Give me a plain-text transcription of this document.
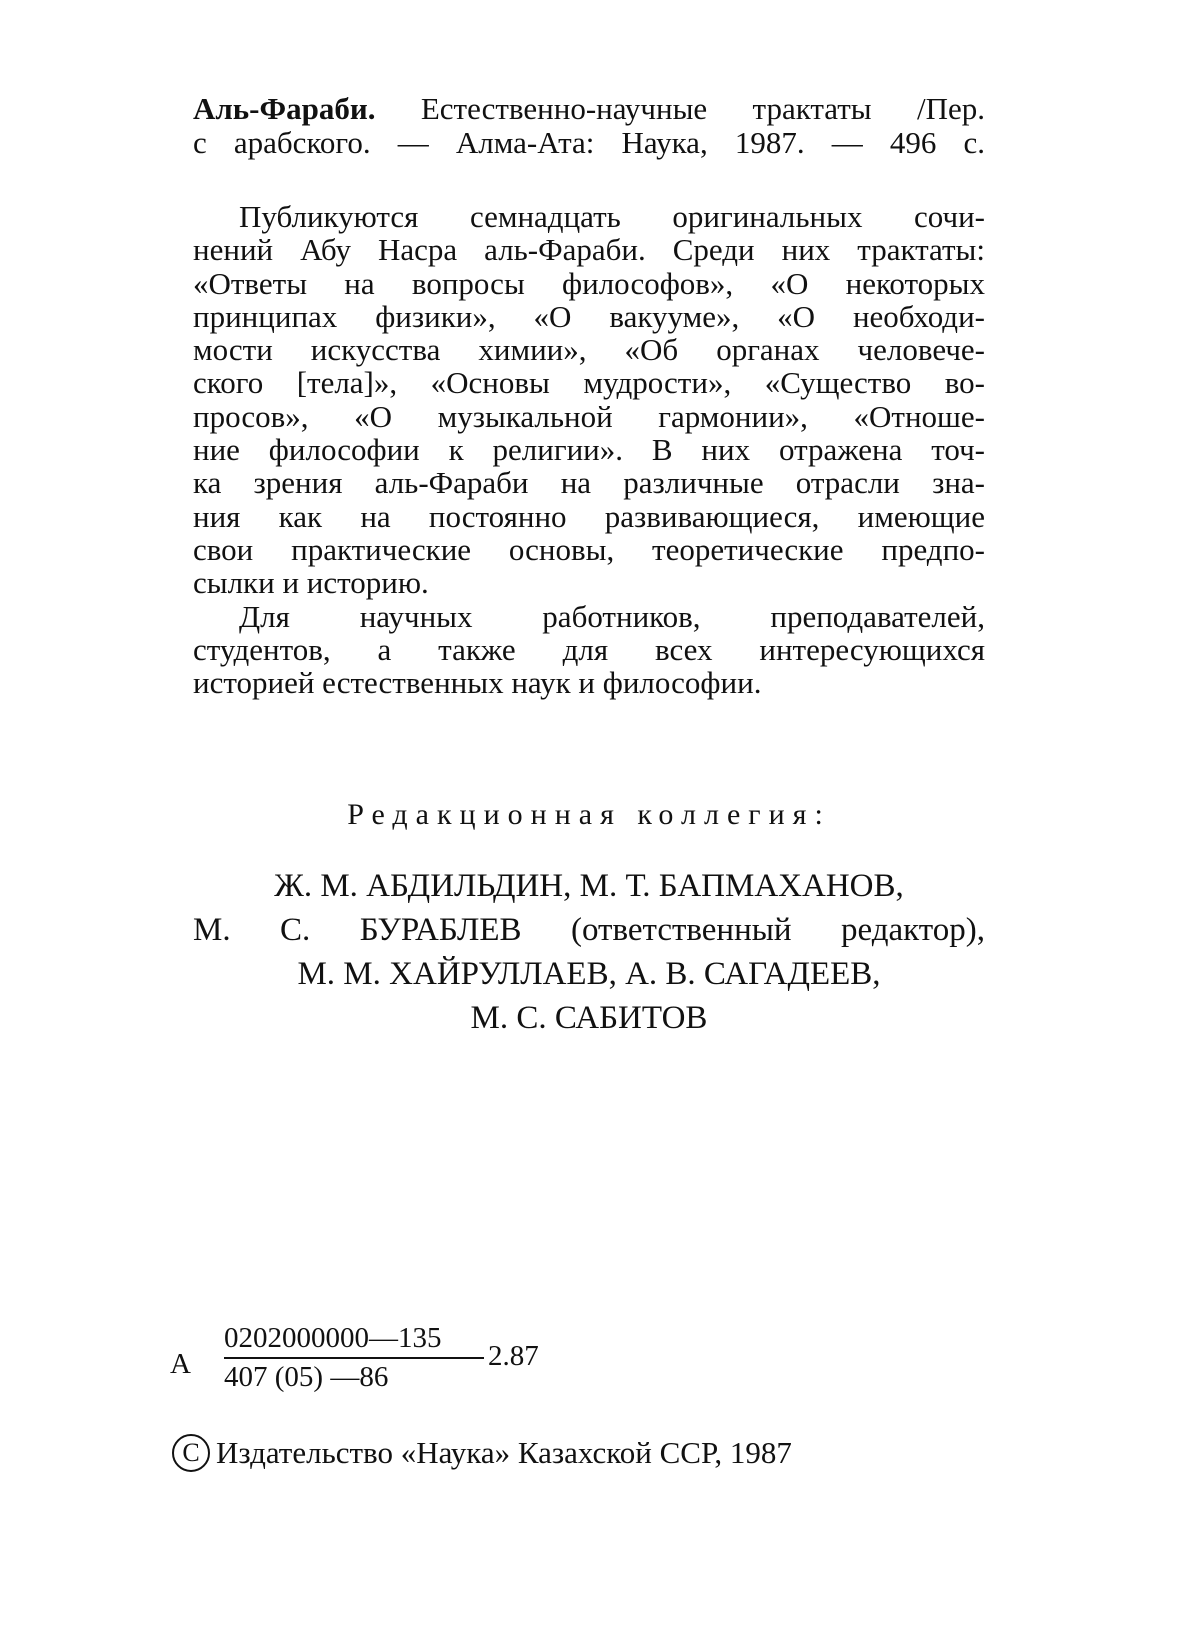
Аль-Фараби. Естественно-научные трактаты /Пер.
с арабского. — Алма-Ата: Наука, 1987. — 496 с.

Публикуются семнадцать оригинальных сочи-
нений Абу Насра аль-Фараби. Среди них трактаты:
«Ответы на вопросы философов», «О некоторых
принципах физики», «О вакууме», «О необходи-
мости искусства химии», «Об органах человече-
ского [тела]», «Основы мудрости», «Существо во-
просов», «О музыкальной гармонии», «Отноше-
ние философии к религии». В них отражена точ-
ка зрения аль-Фараби на различные отрасли зна-
ния как на постоянно развивающиеся, имеющие
свои практические основы, теоретические предпо-
сылки и историю.

Для научных работников, преподавателей,
студентов, а также для всех интересующихся
историей естественных наук и философии.

Редакционная коллегия:
Ж. М. АБДИЛЬДИН, М. Т. БАПМАХАНОВ,
М. С. БУРАБЛЕВ (ответственный редактор),
М. М. ХАЙРУЛЛАЕВ, А. В. САГАДЕЕВ,
М. С. САБИТОВ
А $\frac{0202000000—135}{407 (05) —86} 2.87$
C Издательство «Наука» Казахской ССР, 1987
